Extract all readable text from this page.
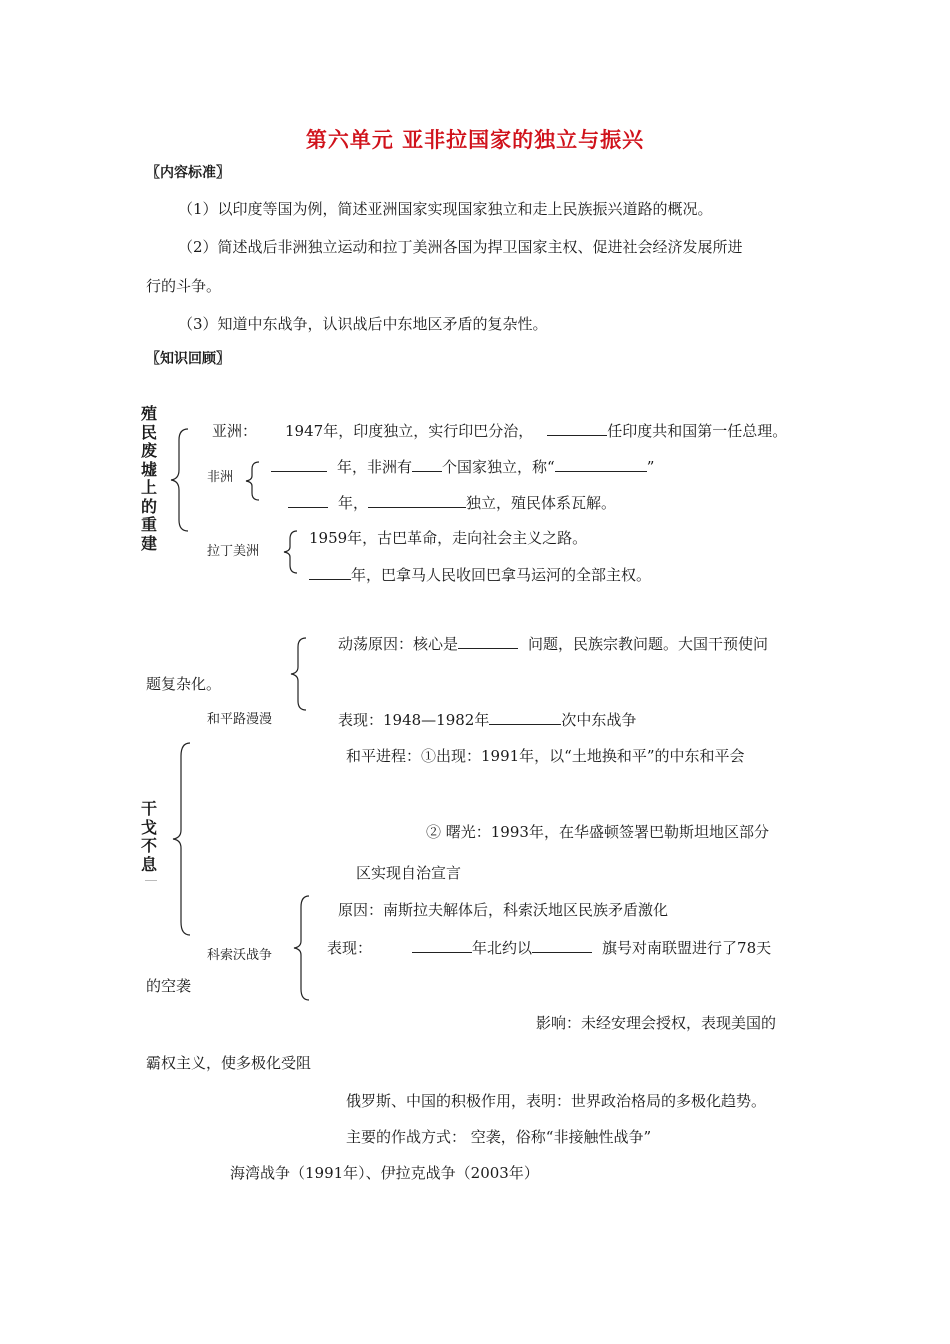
第六单元 亚非拉国家的独立与振兴
〖内容标准〗
（1）以印度等国为例，简述亚洲国家实现国家独立和走上民族振兴道路的概况。
（2）简述战后非洲独立运动和拉丁美洲各国为捍卫国家主权、促进社会经济发展所进
行的斗争。
（3）知道中东战争，认识战后中东地区矛盾的复杂性。
〖知识回顾〗
殖民废墟上的重建
亚洲： 1947年，印度独立，实行印巴分治，	任印度共和国第一任总理。
非洲
年，非洲有 个国家独立，称“	”
年，	独立，殖民体系瓦解。
拉丁美洲
1959年，古巴革命，走向社会主义之路。
年，巴拿马人民收回巴拿马运河的全部主权。
动荡原因：核心是	问题，民族宗教问题。大国干预使问
题复杂化。
和平路漫漫	表现：1948—1982年	次中东战争
干戈不息
和平进程：①出现：1991年，以“土地换和平”的中东和平会
② 曙光：1993年，在华盛顿签署巴勒斯坦地区部分
区实现自治宣言
原因：南斯拉夫解体后，科索沃地区民族矛盾激化
科索沃战争	表现：	年北约以	旗号对南联盟进行了78天
的空袭
影响：未经安理会授权，表现美国的
霸权主义，使多极化受阻
俄罗斯、中国的积极作用，表明：世界政治格局的多极化趋势。
主要的作战方式： 空袭，俗称“非接触性战争”
海湾战争（1991年）、伊拉克战争（2003年）
